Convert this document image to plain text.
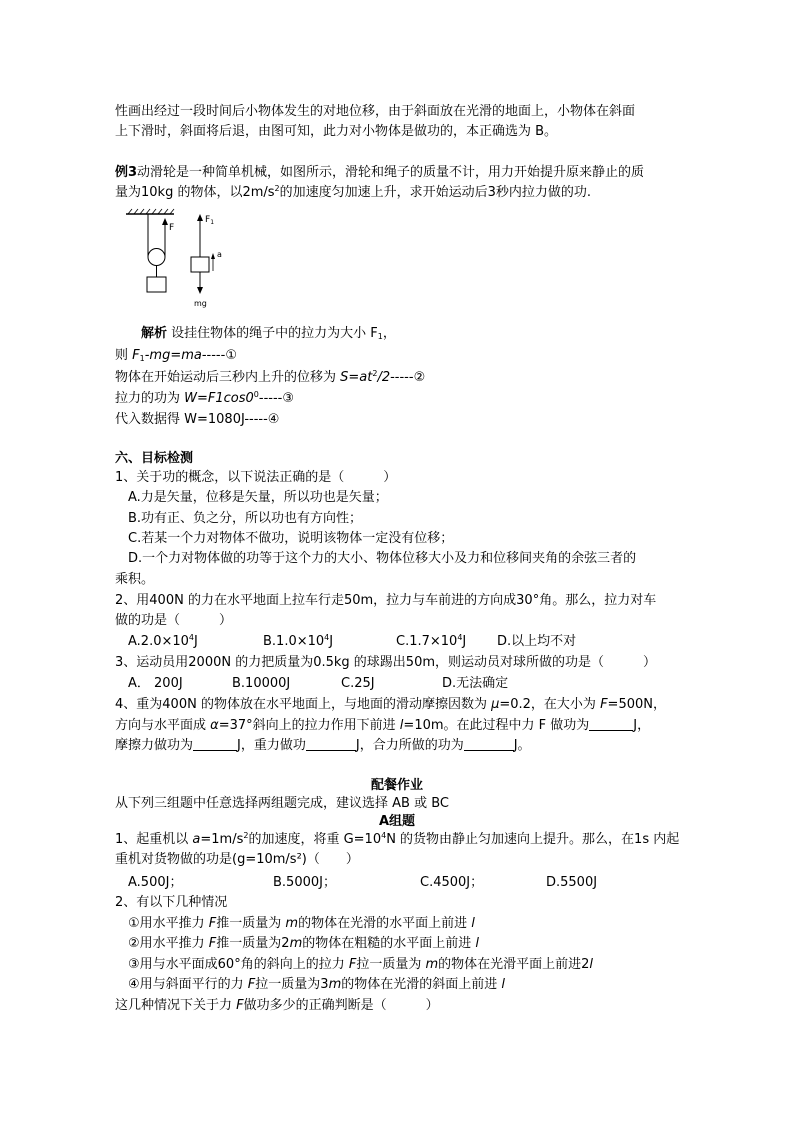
性画出经过一段时间后小物体发生的对地位移，由于斜面放在光滑的地面上，小物体在斜面
上下滑时，斜面将后退，由图可知，此力对小物体是做功的，本正确选为 B。
例3动滑轮是一种简单机械，如图所示，滑轮和绳子的质量不计，用力开始提升原来静止的质
量为10kg 的物体，以$2m/s^2$的加速度匀加速上升，求开始运动后3秒内拉力做的功.
F
$F_1$
mg
a
解析 设挂住物体的绳子中的拉力为大小 $F_1$，
则 $F_1-mg=ma-----①$
物体在开始运动后三秒内上升的位移为 $S=at^2/2-----②$
拉力的功为 $W=F1\cos 0^0-----③$
代入数据得 W=1080J-----④
六、目标检测
1、关于功的概念，以下说法正确的是（　　　）
A.力是矢量，位移是矢量，所以功也是矢量；
B.功有正、负之分，所以功也有方向性；
C.若某一个力对物体不做功，说明该物体一定没有位移；
D.一个力对物体做的功等于这个力的大小、物体位移大小及力和位移间夹角的余弦三者的
乘积。
2、用400N 的力在水平地面上拉车行走50m，拉力与车前进的方向成30°角。那么，拉力对车
做的功是（　　　）
$A.2.0\times 10^4J$	$B.1.0\times 10^4J$	$C.1.7\times 10^4J$ D.以上均不对
3、运动员用2000N 的力把质量为0.5kg 的球踢出50m，则运动员对球所做的功是（　　　）
A． 200J	B.10000J	C.25J	D.无法确定
4、重为400N 的物体放在水平地面上，与地面的滑动摩擦因数为 μ=0.2，在大小为 F=500N，
方向与水平面成 α=37°斜向上的拉力作用下前进 l=10m。在此过程中力 F 做功为	J，
摩擦力做功为	J，重力做功	J，合力所做的功为	J。
配餐作业
从下列三组题中任意选择两组题完成，建议选择 AB 或 BC
A组题
1、起重机以 $a=1m/s^2$的加速度，将重 $G=10^4N$ 的货物由静止匀加速向上提升。那么，在1s 内起
重机对货物做的功是(g=10m/s²)（　　）
A.500J；	B.5000J；	C.4500J；	D.5500J
2、有以下几种情况
①用水平推力 F推一质量为 m的物体在光滑的水平面上前进 l
②用水平推力 F推一质量为2m的物体在粗糙的水平面上前进 l
③用与水平面成60°角的斜向上的拉力 F拉一质量为 m的物体在光滑平面上前进2l
④用与斜面平行的力 F拉一质量为3m的物体在光滑的斜面上前进 l
这几种情况下关于力 F做功多少的正确判断是（　　　）
